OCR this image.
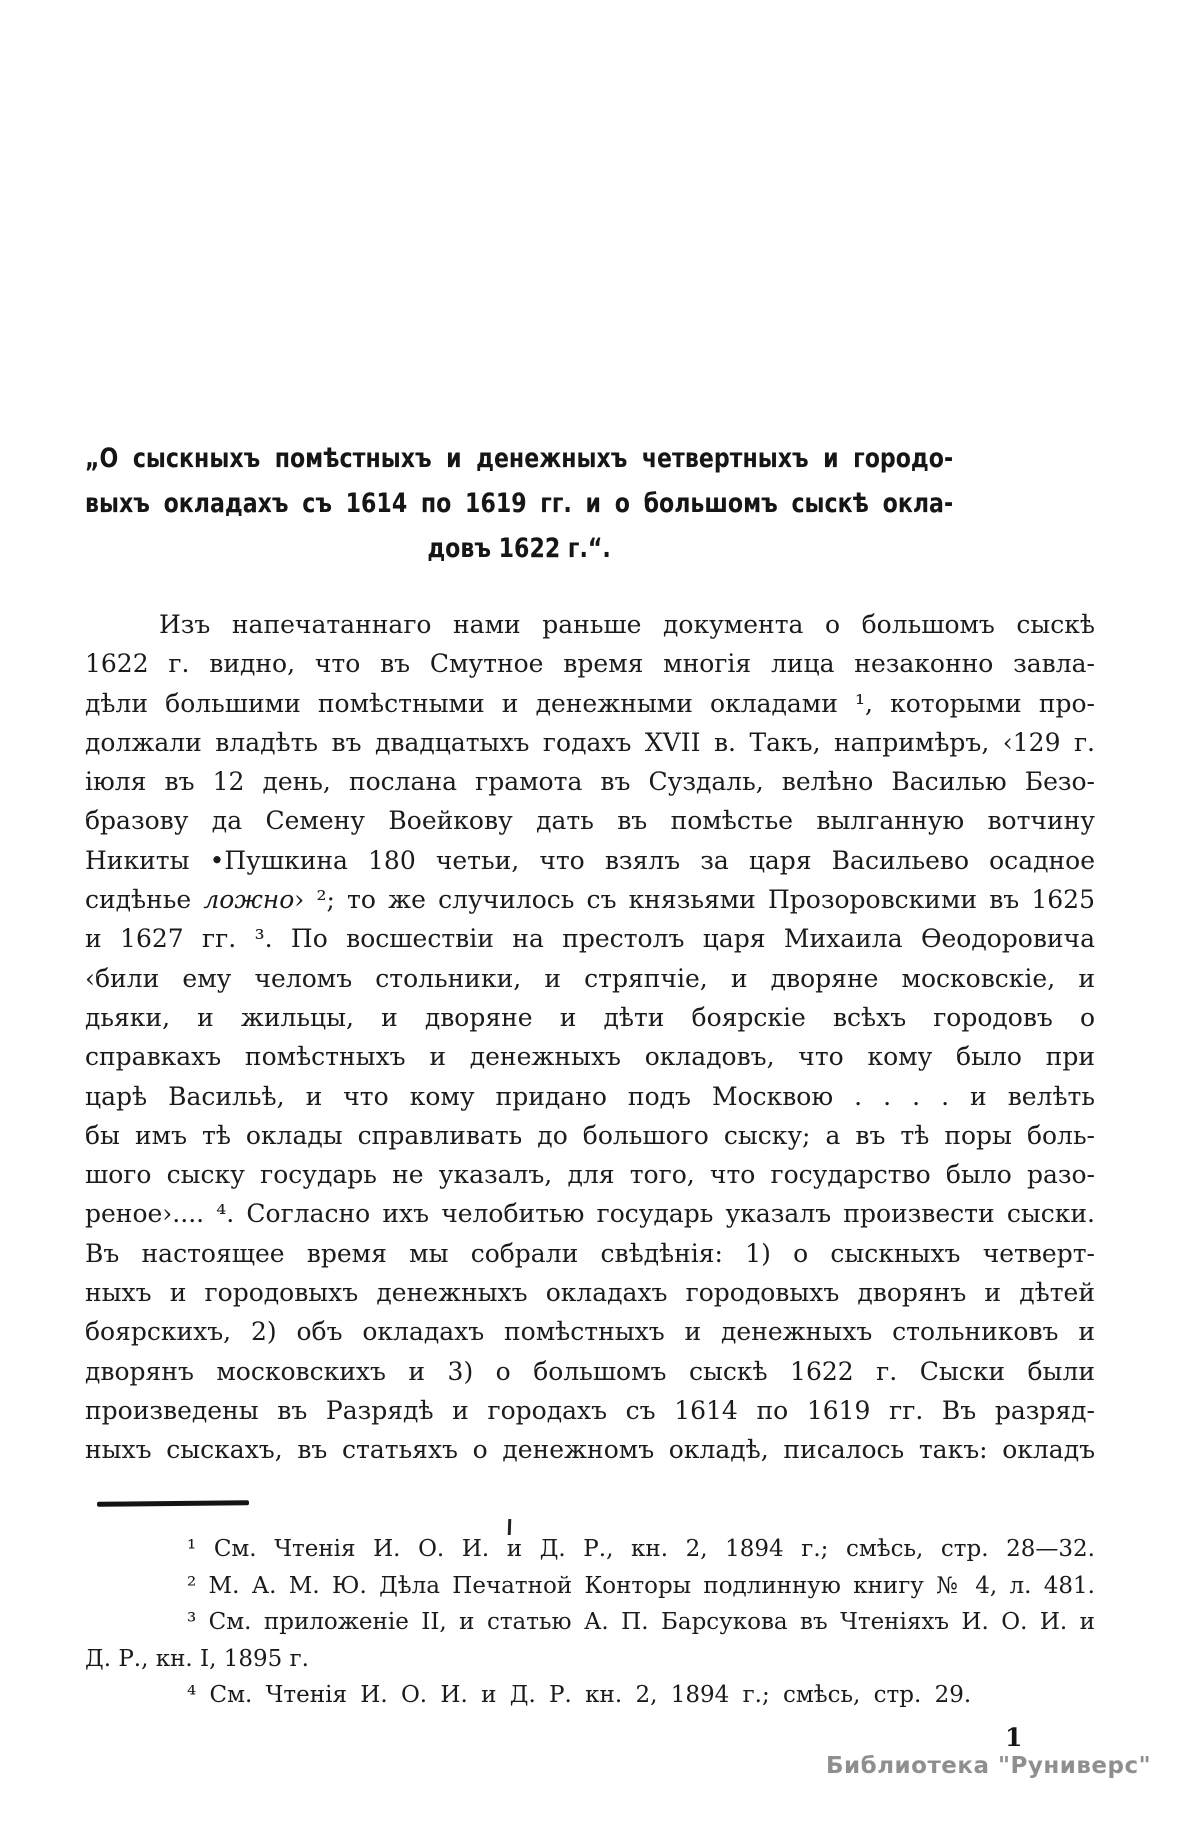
„О сыскныхъ помѣстныхъ и денежныхъ четвертныхъ и городо-
выхъ окладахъ съ 1614 по 1619 гг. и о большомъ сыскѣ окла-
довъ 1622 г.“.
Изъ напечатаннаго нами раньше документа о большомъ сыскѣ
1622 г. видно, что въ Смутное время многія лица незаконно завла-
дѣли большими помѣстными и денежными окладами ¹, которыми про-
должали владѣть въ двадцатыхъ годахъ XVII в. Такъ, напримѣръ, ‹129 г.
іюля въ 12 день, послана грамота въ Суздаль, велѣно Василью Безо-
бразову да Семену Воейкову дать въ помѣстье вылганную вотчину
Никиты •Пушкина 180 четьи, что взялъ за царя Васильево осадное
сидѣнье ложно› ²; то же случилось съ князьями Прозоровскими въ 1625
и 1627 гг. ³. По восшествіи на престолъ царя Михаила Ѳеодоровича
‹били ему челомъ стольники, и стряпчіе, и дворяне московскіе, и
дьяки, и жильцы, и дворяне и дѣти боярскіе всѣхъ городовъ о
справкахъ помѣстныхъ и денежныхъ окладовъ, что кому было при
царѣ Васильѣ, и что кому придано подъ Москвою . . . . и велѣть
бы имъ тѣ оклады справливать до большого сыску; а въ тѣ поры боль-
шого сыску государь не указалъ, для того, что государство было разо-
реное›.... ⁴. Согласно ихъ челобитью государь указалъ произвести сыски.
Въ настоящее время мы собрали свѣдѣнія: 1) о сыскныхъ четверт-
ныхъ и городовыхъ денежныхъ окладахъ городовыхъ дворянъ и дѣтей
боярскихъ, 2) объ окладахъ помѣстныхъ и денежныхъ стольниковъ и
дворянъ московскихъ и 3) о большомъ сыскѣ 1622 г. Сыски были
произведены въ Разрядѣ и городахъ съ 1614 по 1619 гг. Въ разряд-
ныхъ сыскахъ, въ статьяхъ о денежномъ окладѣ, писалось такъ: окладъ
¹ См. Чтенія И. О. И. и Д. Р., кн. 2, 1894 г.; смѣсь, стр. 28—32.
² М. А. М. Ю. Дѣла Печатной Конторы подлинную книгу № 4, л. 481.
³ См. приложеніе II, и статью А. П. Барсукова въ Чтеніяхъ И. О. И. и
Д. Р., кн. I, 1895 г.
⁴ См. Чтенія И. О. И. и Д. Р. кн. 2, 1894 г.; смѣсь, стр. 29.
1
Библиотека "Руниверс"
